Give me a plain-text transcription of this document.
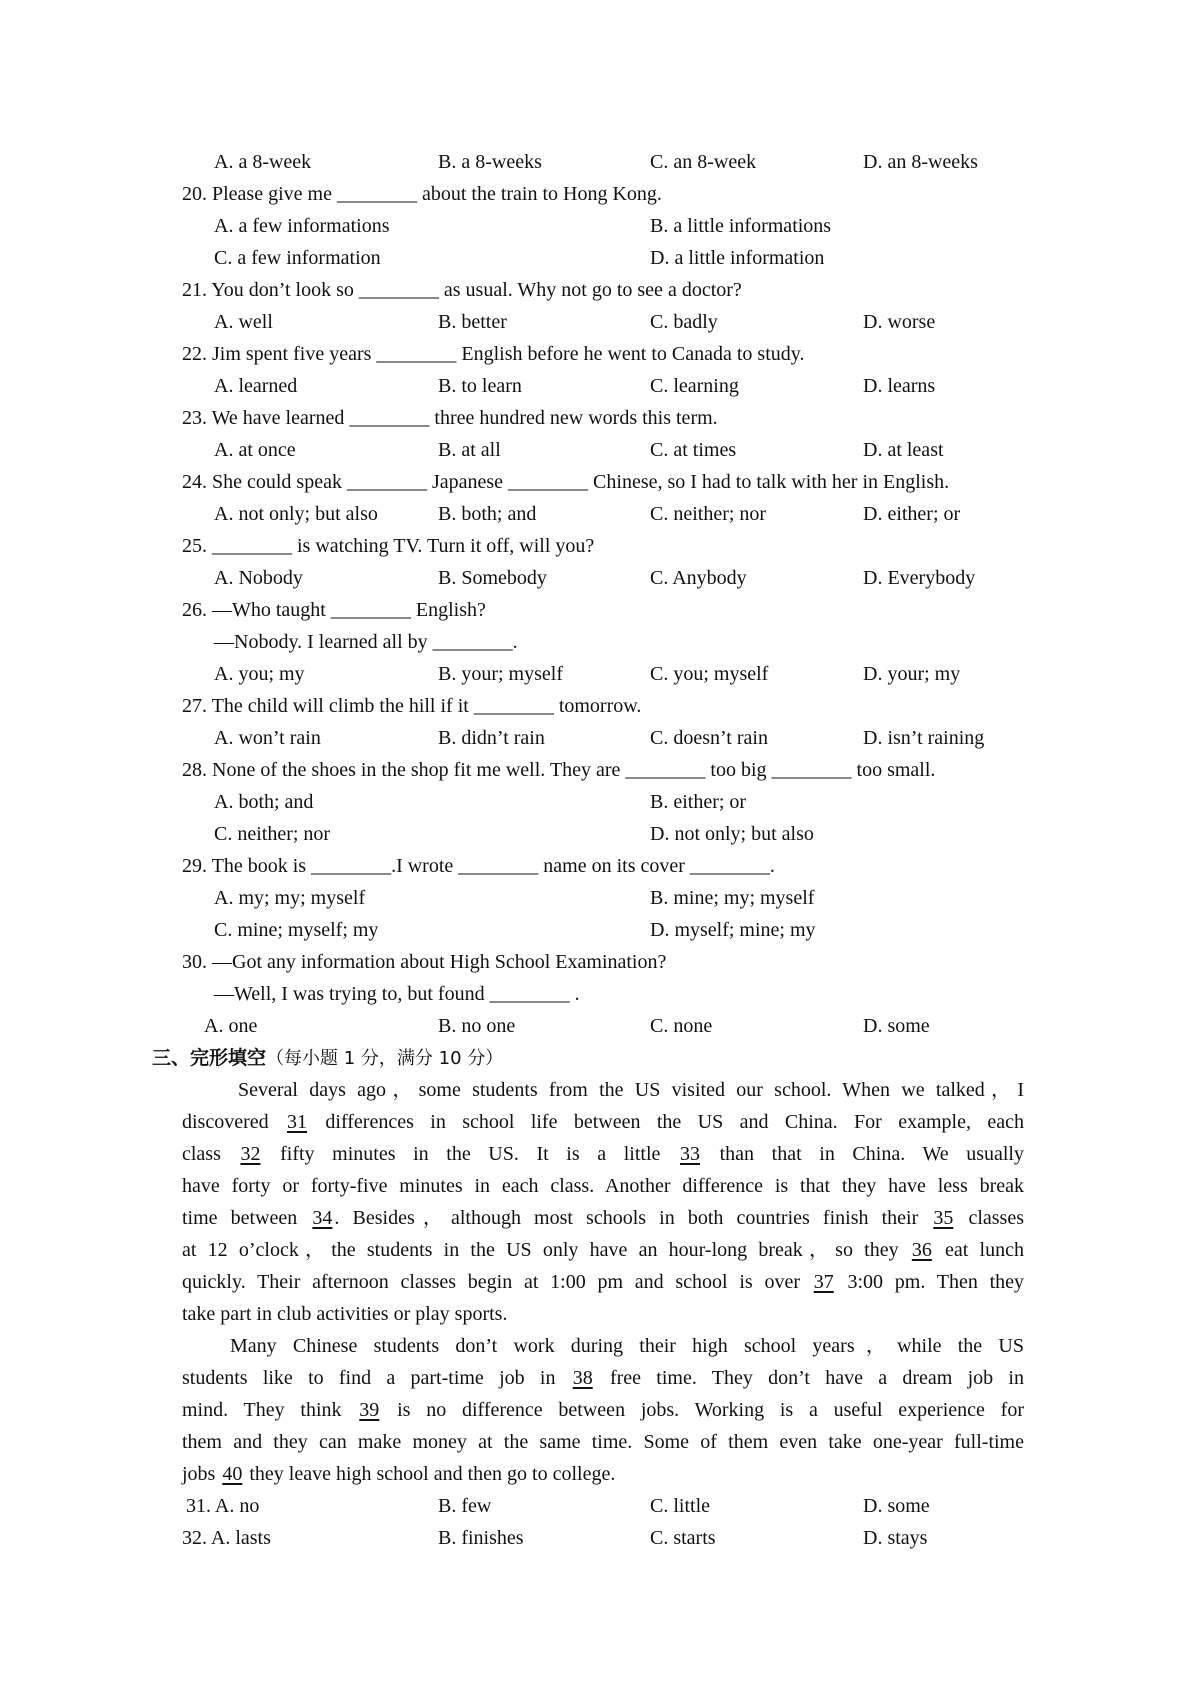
A. a 8-week	B. a 8-weeks	C. an 8-week	D. an 8-weeks
20. Please give me ________ about the train to Hong Kong.
A. a few informations	B. a little informations
C. a few information	D. a little information
21. You don’t look so ________ as usual. Why not go to see a doctor?
A. well	B. better	C. badly	D. worse
22. Jim spent five years ________ English before he went to Canada to study.
A. learned	B. to learn	C. learning	D. learns
23. We have learned ________ three hundred new words this term.
A. at once	B. at all	C. at times	D. at least
24. She could speak ________ Japanese ________ Chinese, so I had to talk with her in English.
A. not only; but also	B. both; and	C. neither; nor	D. either; or
25. ________ is watching TV. Turn it off, will you?
A. Nobody	B. Somebody	C. Anybody	D. Everybody
26. —Who taught ________ English?
—Nobody. I learned all by ________.
A. you; my	B. your; myself	C. you; myself	D. your; my
27. The child will climb the hill if it ________ tomorrow.
A. won’t rain	B. didn’t rain	C. doesn’t rain	D. isn’t raining
28. None of the shoes in the shop fit me well. They are ________ too big ________ too small.
A. both; and	B. either; or
C. neither; nor	D. not only; but also
29. The book is ________.I wrote ________ name on its cover ________.
A. my; my; myself	B. mine; my; myself
C. mine; myself; my	D. myself; mine; my
30. —Got any information about High School Examination?
—Well, I was trying to, but found ________ .
A. one	B. no one	C. none	D. some
三、完形填空（每小题 1 分，满分 10 分）
Several days ago，some students from the US visited our school. When we talked，I
discovered 31 differences in school life between the US and China. For example, each
class 32 fifty minutes in the US. It is a little 33 than that in China. We usually
have forty or forty-five minutes in each class. Another difference is that they have less break
time between 34 . Besides，although most schools in both countries finish their 35 classes
at 12 o’clock，the students in the US only have an hour-long break，so they 36 eat lunch
quickly. Their afternoon classes begin at 1:00 pm and school is over 37 3:00 pm. Then they
take part in club activities or play sports.
Many Chinese students don’t work during their high school years，while the US
students like to find a part-time job in 38 free time. They don’t have a dream job in
mind. They think 39 is no difference between jobs. Working is a useful experience for
them and they can make money at the same time. Some of them even take one-year full-time
jobs 40 they leave high school and then go to college.
31. A. no	B. few	C. little	D. some
32. A. lasts	B. finishes	C. starts	D. stays
